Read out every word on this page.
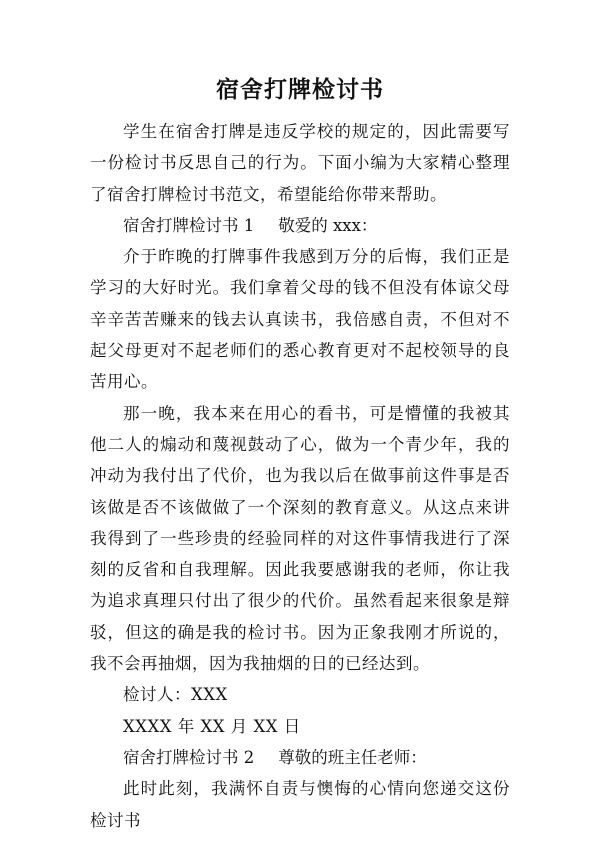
宿舍打牌检讨书

学生在宿舍打牌是违反学校的规定的，因此需要写一份检讨书反思自己的行为。下面小编为大家精心整理了宿舍打牌检讨书范文，希望能给你带来帮助。

宿舍打牌检讨书 1 敬爱的 xxx：

介于昨晚的打牌事件我感到万分的后悔，我们正是学习的大好时光。我们拿着父母的钱不但没有体谅父母辛辛苦苦赚来的钱去认真读书，我倍感自责，不但对不起父母更对不起老师们的悉心教育更对不起校领导的良苦用心。

那一晚，我本来在用心的看书，可是懵懂的我被其他二人的煽动和蔑视鼓动了心，做为一个青少年，我的冲动为我付出了代价，也为我以后在做事前这件事是否该做是否不该做做了一个深刻的教育意义。从这点来讲我得到了一些珍贵的经验同样的对这件事情我进行了深刻的反省和自我理解。因此我要感谢我的老师，你让我为追求真理只付出了很少的代价。虽然看起来很象是辩驳，但这的确是我的检讨书。因为正象我刚才所说的，我不会再抽烟，因为我抽烟的日的已经达到。

检讨人：XXX

XXXX 年 XX 月 XX 日

宿舍打牌检讨书 2 尊敬的班主任老师：

此时此刻，我满怀自责与懊悔的心情向您递交这份检讨书
